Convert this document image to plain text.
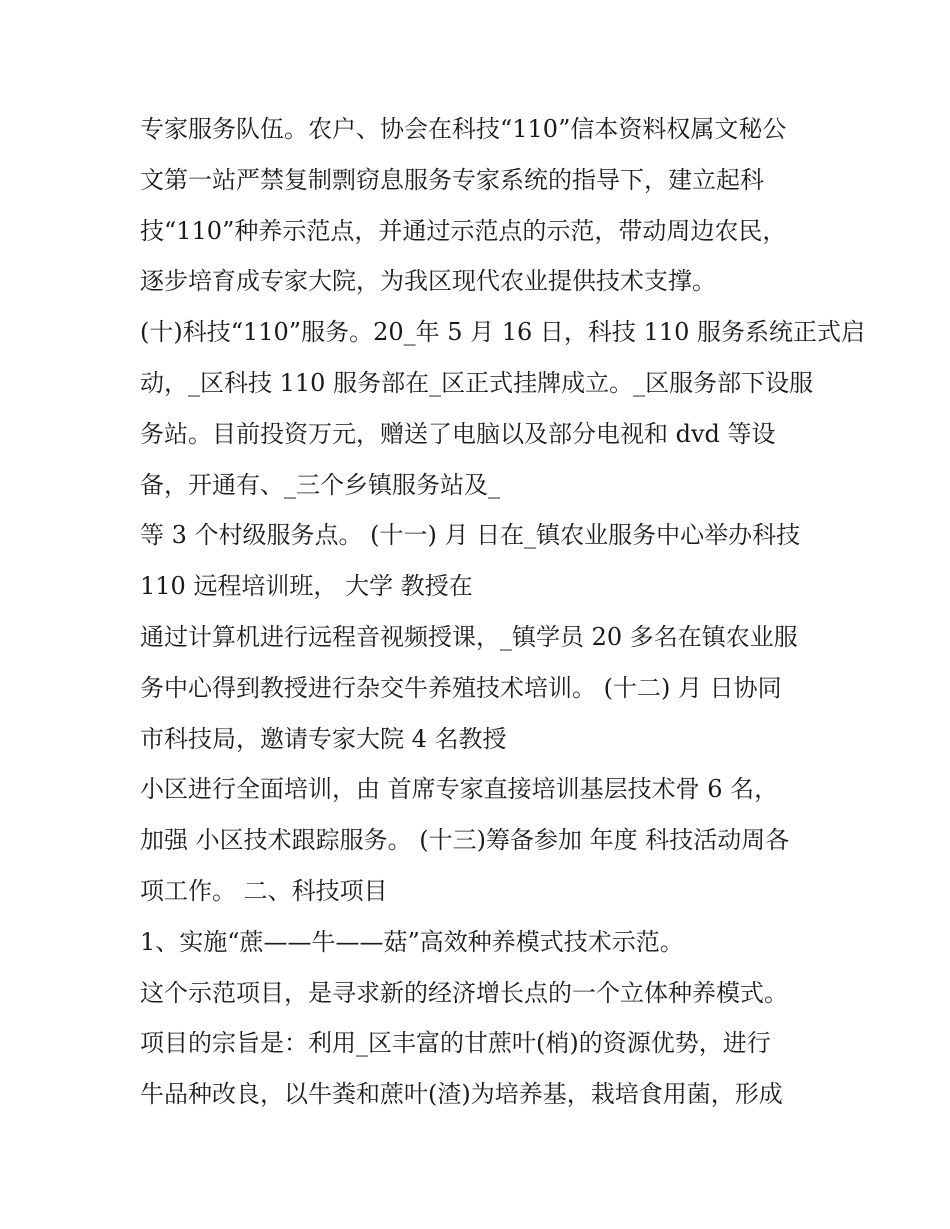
专家服务队伍。农户、协会在科技“110”信本资料权属文秘公
文第一站严禁复制剽窃息服务专家系统的指导下，建立起科
技“110”种养示范点，并通过示范点的示范，带动周边农民，
逐步培育成专家大院，为我区现代农业提供技术支撑。
(十)科技“110”服务。20_年 5 月 16 日，科技 110 服务系统正式启
动，_区科技 110 服务部在_区正式挂牌成立。_区服务部下设服
务站。目前投资万元，赠送了电脑以及部分电视和 dvd 等设
备，开通有、_三个乡镇服务站及_
等 3 个村级服务点。 (十一) 月 日在_镇农业服务中心举办科技
110 远程培训班， 大学 教授在
通过计算机进行远程音视频授课，_镇学员 20 多名在镇农业服
务中心得到教授进行杂交牛养殖技术培训。 (十二) 月 日协同
市科技局，邀请专家大院 4 名教授
小区进行全面培训，由 首席专家直接培训基层技术骨 6 名，
加强 小区技术跟踪服务。 (十三)筹备参加 年度 科技活动周各
项工作。 二、科技项目
1、实施“蔗——牛——菇”高效种养模式技术示范。
这个示范项目，是寻求新的经济增长点的一个立体种养模式。
项目的宗旨是：利用_区丰富的甘蔗叶(梢)的资源优势，进行
牛品种改良，以牛粪和蔗叶(渣)为培养基，栽培食用菌，形成
